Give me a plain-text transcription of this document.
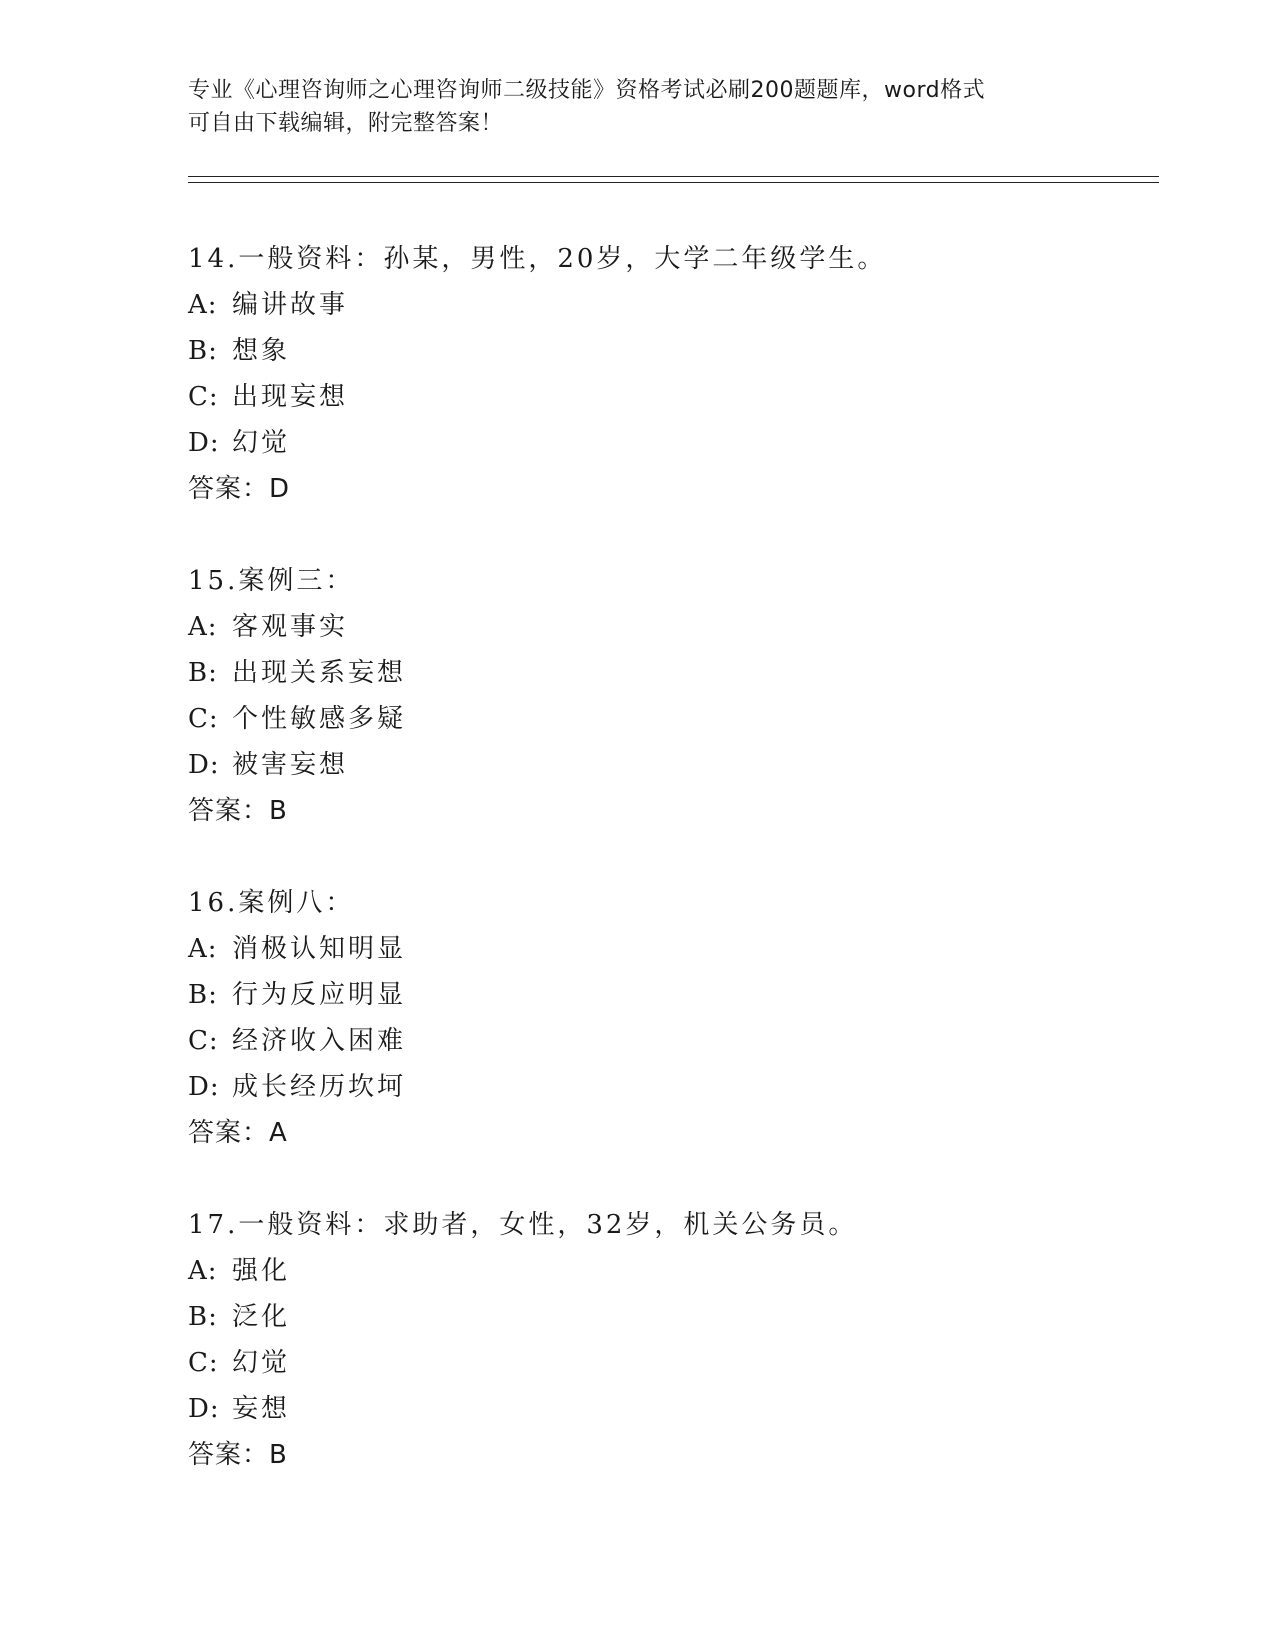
专业《心理咨询师之心理咨询师二级技能》资格考试必刷200题题库，word格式

可自由下载编辑，附完整答案！

14.一般资料：孙某，男性，20岁，大学二年级学生。
A: 编讲故事
B: 想象
C: 出现妄想
D: 幻觉
答案：D
15.案例三：
A: 客观事实
B: 出现关系妄想
C: 个性敏感多疑
D: 被害妄想
答案：B
16.案例八：
A: 消极认知明显
B: 行为反应明显
C: 经济收入困难
D: 成长经历坎坷
答案：A
17.一般资料：求助者，女性，32岁，机关公务员。
A: 强化
B: 泛化
C: 幻觉
D: 妄想
答案：B
